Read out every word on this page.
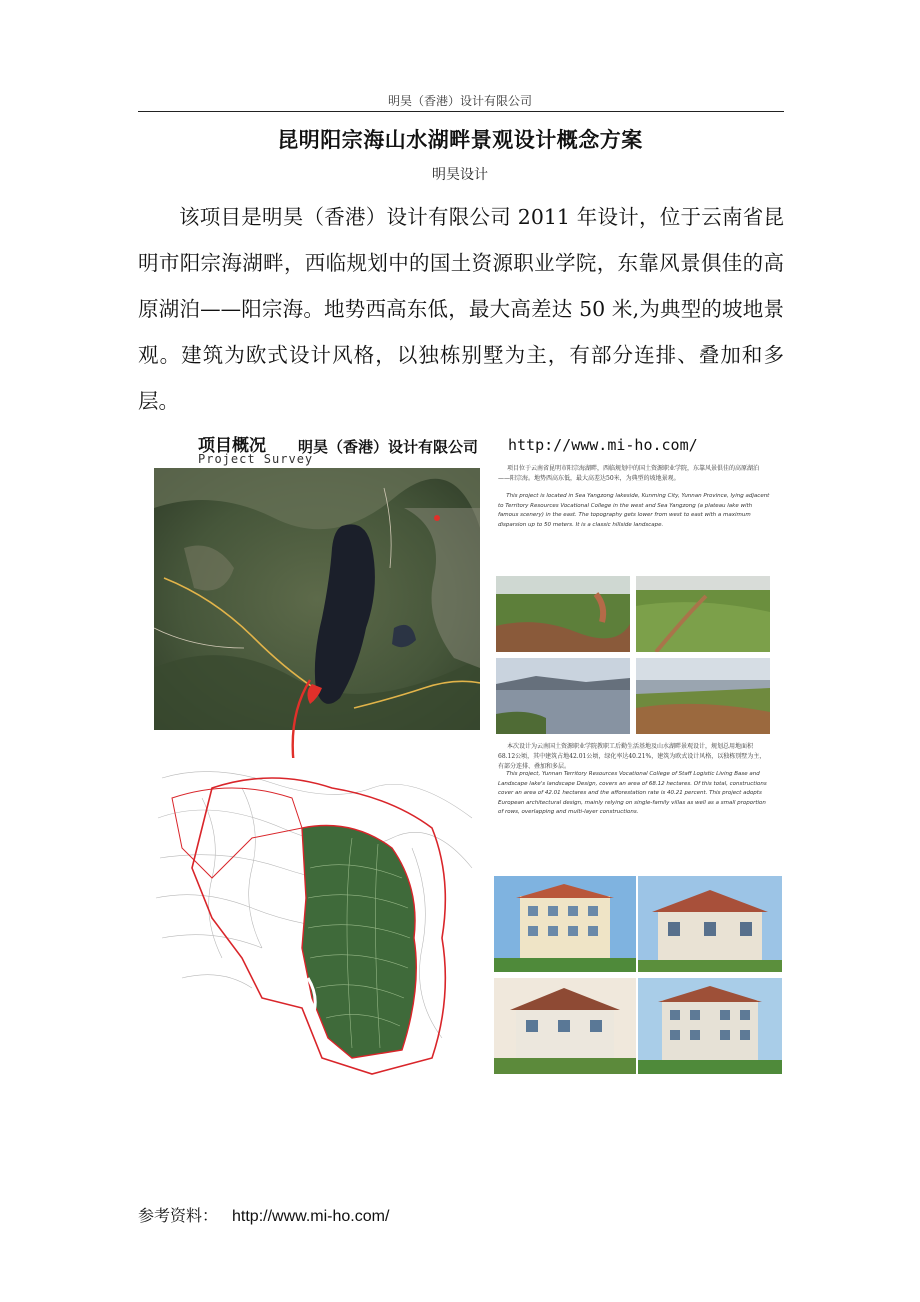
明昊（香港）设计有限公司
昆明阳宗海山水湖畔景观设计概念方案
明昊设计

该项目是明昊（香港）设计有限公司 2011 年设计，位于云南省昆明市阳宗海湖畔，西临规划中的国土资源职业学院，东靠风景俱佳的高原湖泊——阳宗海。地势西高东低，最大高差达 50 米,为典型的坡地景观。建筑为欧式设计风格，以独栋别墅为主，有部分连排、叠加和多层。

项目概况
Project Survey
明昊（香港）设计有限公司 http://www.mi-ho.com/

项目位于云南省昆明市阳宗海湖畔，西临规划中的国土资源职业学院，东靠风景俱佳的高原湖泊——阳宗海。地势西高东低，最大高差达50米，为典型的坡地景观。

This project is located in Sea Yangzong lakeside, Kunming City, Yunnan Province, lying adjacent to Territory Resources Vocational College in the west and Sea Yangzong (a plateau lake with famous scenery) in the east. The topography gets lower from west to east with a maximum disparsion up to 50 meters. It is a classic hillside landscape.

本次设计为云南国土资源职业学院教职工后勤生活基地及山水湖畔景观设计，规划总用地面积68.12公顷，其中建筑占地42.01公顷，绿化率达40.21%，建筑为欧式设计风格，以独栋别墅为主，有部分连排、叠加和多层。

This project, Yunnan Territory Resources Vocational College of Staff Logistic Living Base and Landscape lake's landscape Design, covers an area of 68.12 hectares. Of this total, constructions cover an area of 42.01 hectares and the afforestation rate is 40.21 percent. This project adopts European architectural design, mainly relying on single-family villas as well as a small proportion of rows, overlapping and multi-layer constructions.

参考资料： http://www.mi-ho.com/
